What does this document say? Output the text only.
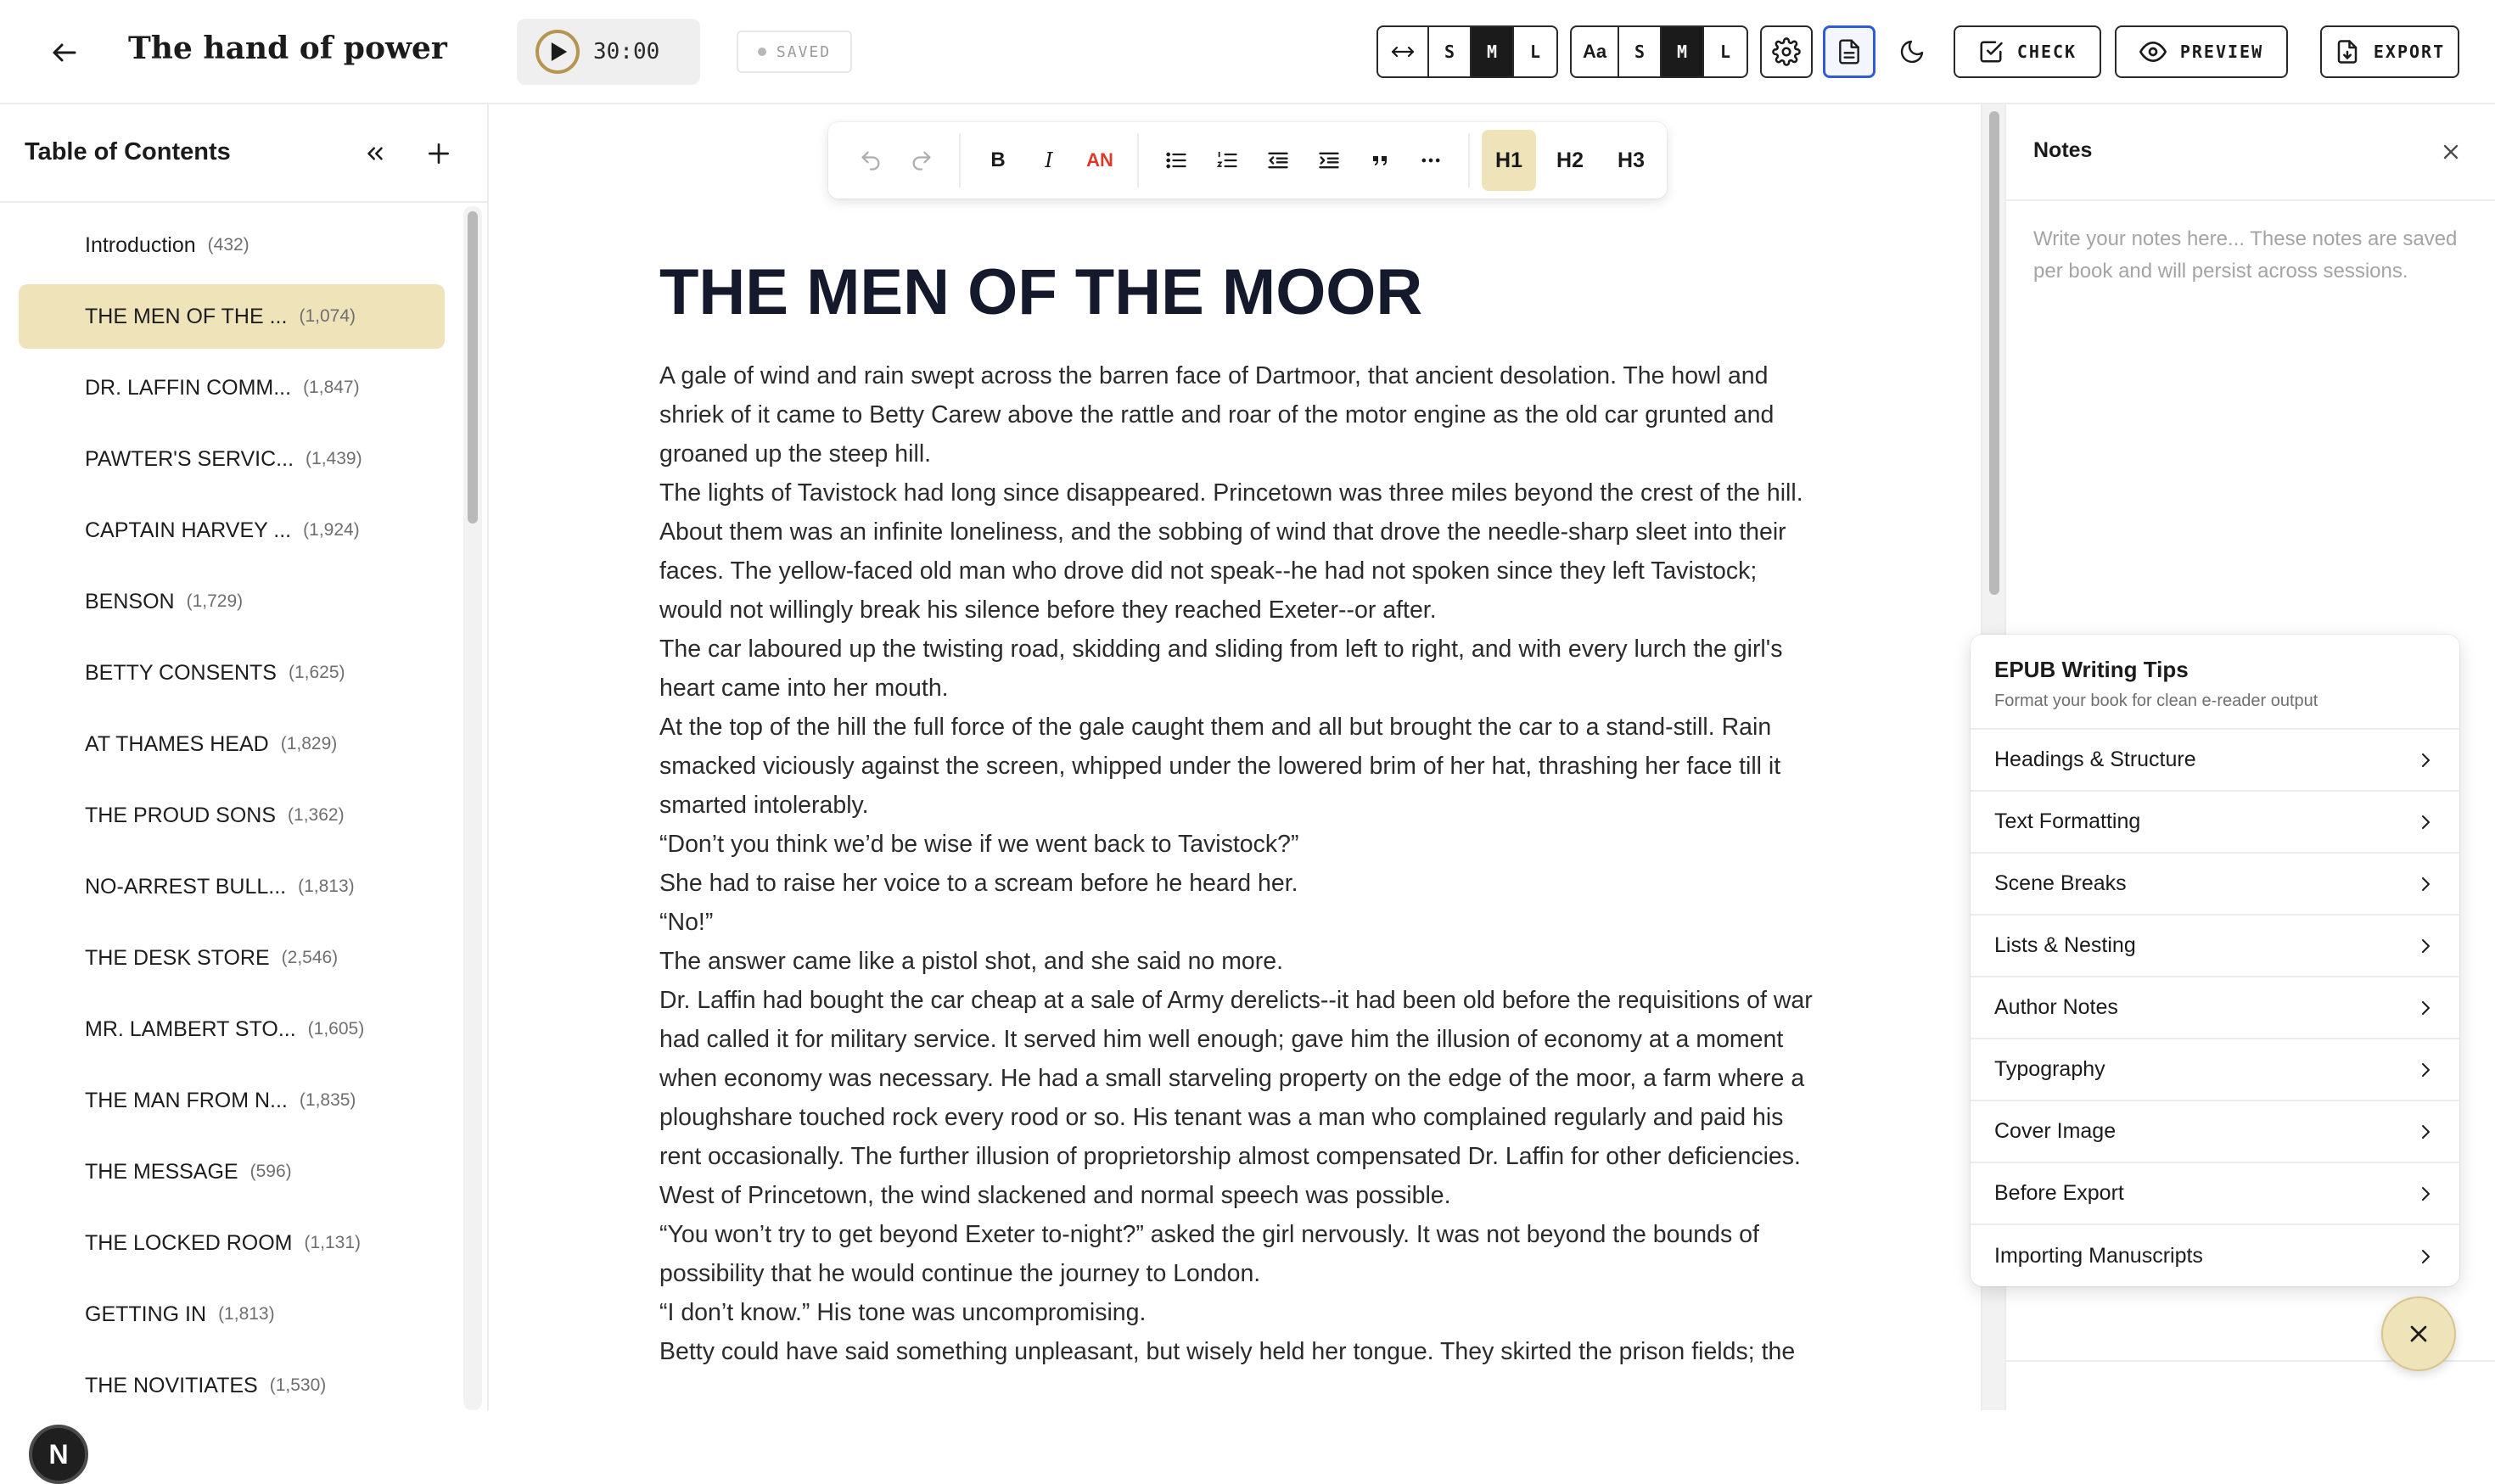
The hand of power	30:00	SAVED	S	M	L	Aa	S	M	L	CHECK	PREVIEW	EXPORT
Table of Contents
Introduction (432)
THE MEN OF THE ... (1,074)
DR. LAFFIN COMM... (1,847)
PAWTER'S SERVIC... (1,439)
CAPTAIN HARVEY ... (1,924)
BENSON (1,729)
BETTY CONSENTS (1,625)
AT THAMES HEAD (1,829)
THE PROUD SONS (1,362)
NO-ARREST BULL... (1,813)
THE DESK STORE (2,546)
MR. LAMBERT STO... (1,605)
THE MAN FROM N... (1,835)
THE MESSAGE (596)
THE LOCKED ROOM (1,131)
GETTING IN (1,813)
THE NOVITIATES (1,530)
N
B	I	AN	H1	H2	H3
THE MEN OF THE MOOR

A gale of wind and rain swept across the barren face of Dartmoor, that ancient desolation. The howl and shriek of it came to Betty Carew above the rattle and roar of the motor engine as the old car grunted and groaned up the steep hill.

The lights of Tavistock had long since disappeared. Princetown was three miles beyond the crest of the hill. About them was an infinite loneliness, and the sobbing of wind that drove the needle-sharp sleet into their faces. The yellow-faced old man who drove did not speak--he had not spoken since they left Tavistock; would not willingly break his silence before they reached Exeter--or after.

The car laboured up the twisting road, skidding and sliding from left to right, and with every lurch the girl's heart came into her mouth.

At the top of the hill the full force of the gale caught them and all but brought the car to a stand-still. Rain smacked viciously against the screen, whipped under the lowered brim of her hat, thrashing her face till it smarted intolerably.

“Don’t you think we’d be wise if we went back to Tavistock?”

She had to raise her voice to a scream before he heard her.

“No!”

The answer came like a pistol shot, and she said no more.

Dr. Laffin had bought the car cheap at a sale of Army derelicts--it had been old before the requisitions of war had called it for military service. It served him well enough; gave him the illusion of economy at a moment when economy was necessary. He had a small starveling property on the edge of the moor, a farm where a ploughshare touched rock every rood or so. His tenant was a man who complained regularly and paid his rent occasionally. The further illusion of proprietorship almost compensated Dr. Laffin for other deficiencies.

West of Princetown, the wind slackened and normal speech was possible.

“You won’t try to get beyond Exeter to-night?” asked the girl nervously. It was not beyond the bounds of possibility that he would continue the journey to London.

“I don’t know.” His tone was uncompromising.

Betty could have said something unpleasant, but wisely held her tongue. They skirted the prison fields; the

Notes
Write your notes here... These notes are saved per book and will persist across sessions.
EPUB Writing Tips
Format your book for clean e-reader output
Headings & Structure
Text Formatting
Scene Breaks
Lists & Nesting
Author Notes
Typography
Cover Image
Before Export
Importing Manuscripts
